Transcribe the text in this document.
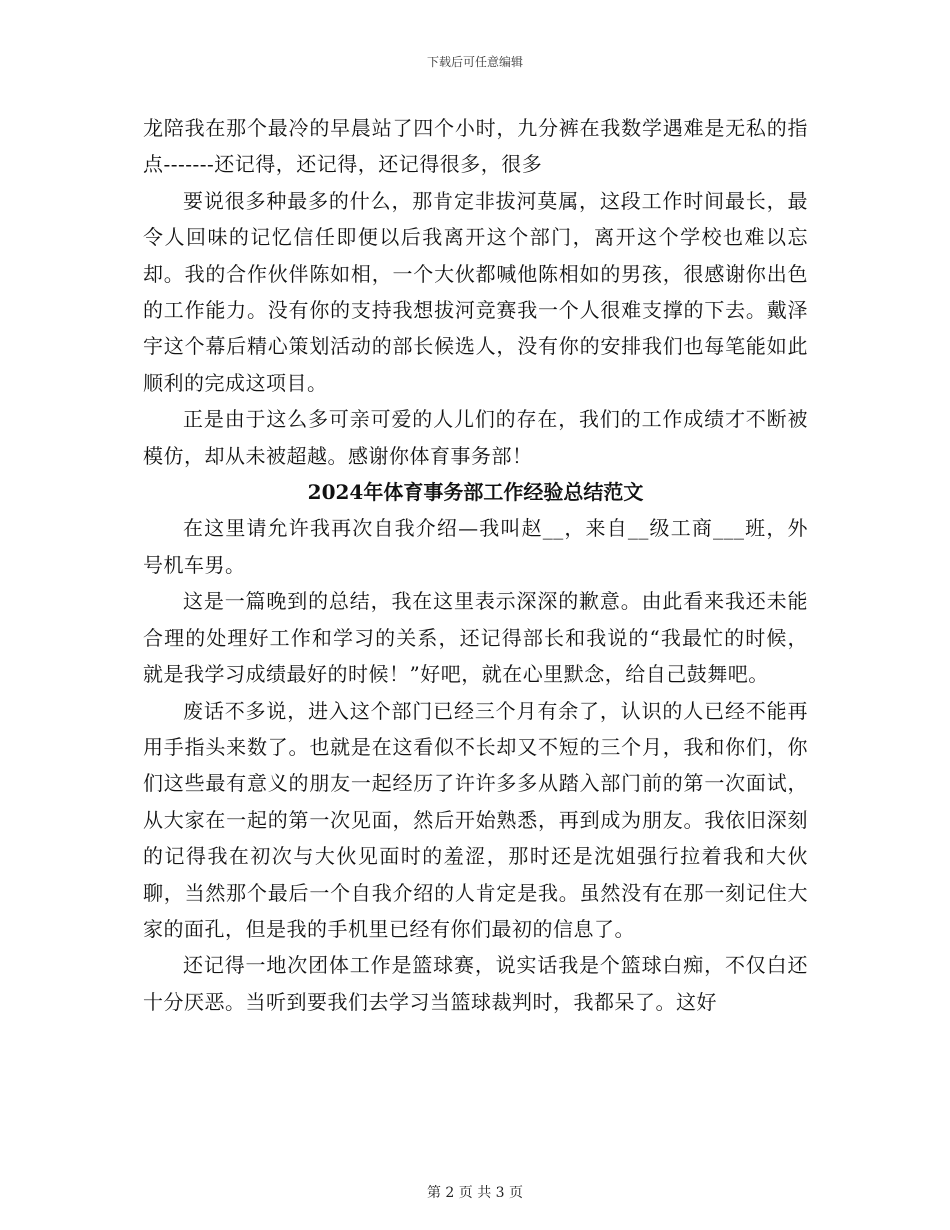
下载后可任意编辑

龙陪我在那个最冷的早晨站了四个小时，九分裤在我数学遇难是无私的指点-------还记得，还记得，还记得很多，很多

要说很多种最多的什么，那肯定非拔河莫属，这段工作时间最长，最令人回味的记忆信任即便以后我离开这个部门，离开这个学校也难以忘却。我的合作伙伴陈如相，一个大伙都喊他陈相如的男孩，很感谢你出色的工作能力。没有你的支持我想拔河竞赛我一个人很难支撑的下去。戴泽宇这个幕后精心策划活动的部长候选人，没有你的安排我们也每笔能如此顺利的完成这项目。

正是由于这么多可亲可爱的人儿们的存在，我们的工作成绩才不断被模仿，却从未被超越。感谢你体育事务部！

2024年体育事务部工作经验总结范文

在这里请允许我再次自我介绍—我叫赵__，来自__级工商___班，外号机车男。

这是一篇晚到的总结，我在这里表示深深的歉意。由此看来我还未能合理的处理好工作和学习的关系，还记得部长和我说的“我最忙的时候，就是我学习成绩最好的时候！”好吧，就在心里默念，给自己鼓舞吧。

废话不多说，进入这个部门已经三个月有余了，认识的人已经不能再用手指头来数了。也就是在这看似不长却又不短的三个月，我和你们，你们这些最有意义的朋友一起经历了许许多多从踏入部门前的第一次面试，从大家在一起的第一次见面，然后开始熟悉，再到成为朋友。我依旧深刻的记得我在初次与大伙见面时的羞涩，那时还是沈姐强行拉着我和大伙聊，当然那个最后一个自我介绍的人肯定是我。虽然没有在那一刻记住大家的面孔，但是我的手机里已经有你们最初的信息了。

还记得一地次团体工作是篮球赛，说实话我是个篮球白痴，不仅白还十分厌恶。当听到要我们去学习当篮球裁判时，我都呆了。这好

第 2 页 共 3 页
